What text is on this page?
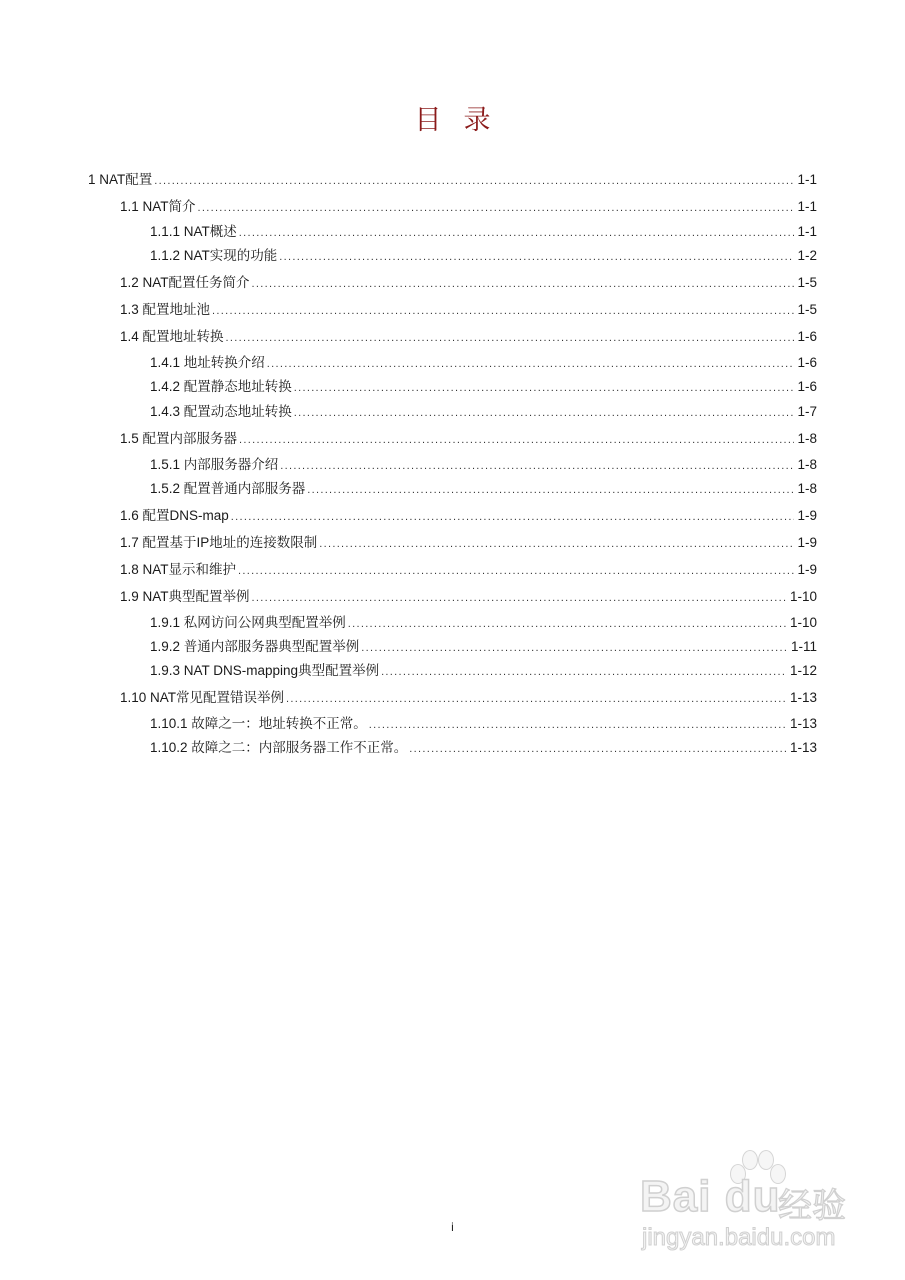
目录
1 NAT配置 .....	1-1
1.1 NAT简介 .....	1-1
1.1.1 NAT概述 .....	1-1
1.1.2 NAT实现的功能 .....	1-2
1.2 NAT配置任务简介 .....	1-5
1.3 配置地址池 .....	1-5
1.4 配置地址转换 .....	1-6
1.4.1 地址转换介绍 .....	1-6
1.4.2 配置静态地址转换 .....	1-6
1.4.3 配置动态地址转换 .....	1-7
1.5 配置内部服务器 .....	1-8
1.5.1 内部服务器介绍 .....	1-8
1.5.2 配置普通内部服务器 .....	1-8
1.6 配置DNS-map .....	1-9
1.7 配置基于IP地址的连接数限制 .....	1-9
1.8 NAT显示和维护 .....	1-9
1.9 NAT典型配置举例 .....	1-10
1.9.1 私网访问公网典型配置举例 .....	1-10
1.9.2 普通内部服务器典型配置举例 .....	1-11
1.9.3 NAT DNS-mapping典型配置举例 .....	1-12
1.10 NAT常见配置错误举例 .....	1-13
1.10.1 故障之一：地址转换不正常。 .....	1-13
1.10.2 故障之二：内部服务器工作不正常。 .....	1-13
Bai du
经验
jingyan.baidu.com
i
